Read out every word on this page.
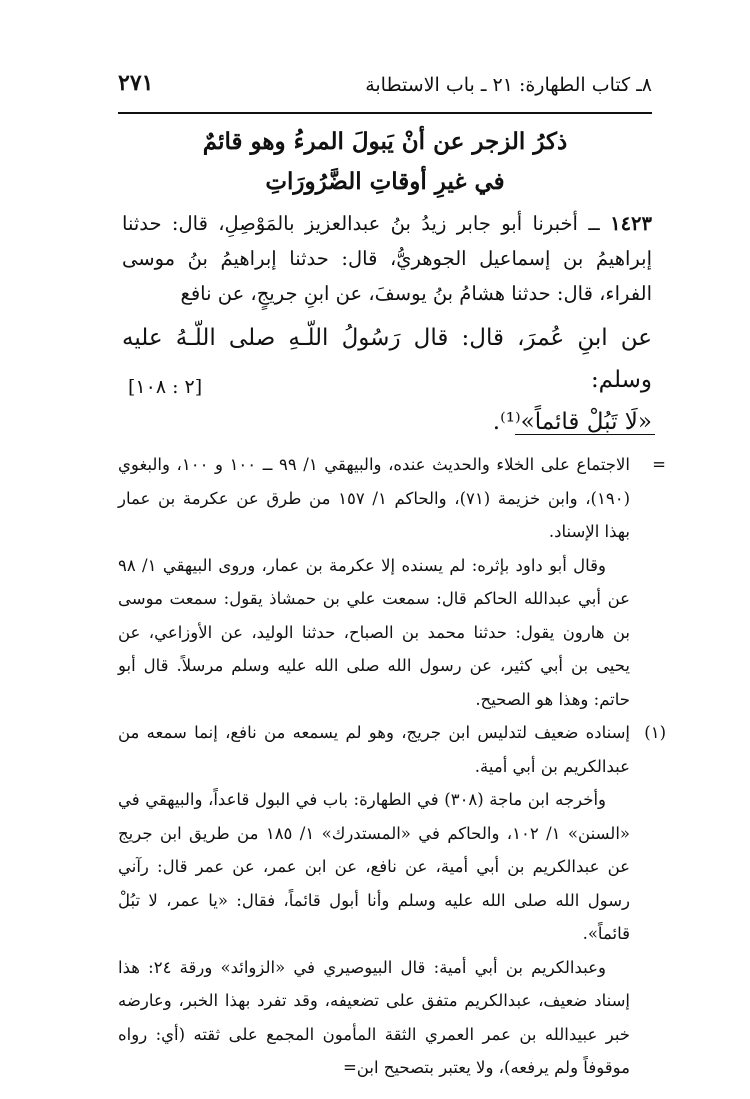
٨ـ كتاب الطهارة: ٢١ ـ باب الاستطابة
٢٧١
ذكرُ الزجر عن أنْ يَبولَ المرءُ وهو قائمٌ
في غيرِ أوقاتِ الضَّرُورَاتِ

١٤٢٣ ــ أخبرنا أبو جابر زيدُ بنُ عبدالعزيز بالمَوْصِلِ، قال: حدثنا إبراهيمُ بن إسماعيل الجوهريُّ، قال: حدثنا إبراهيمُ بنُ موسى الفراء، قال: حدثنا هشامُ بنُ يوسفَ، عن ابنِ جريجٍ، عن نافع

عن ابنِ عُمرَ، قال: قال رَسُولُ اللّـهِ صلى اللّـهُ عليه وسلم:
«لَا تَبُلْ قائماً»⁽¹⁾.

[٢ : ١٠٨]
=

الاجتماع على الخلاء والحديث عنده، والبيهقي ١/ ٩٩ ــ ١٠٠ و ١٠٠، والبغوي (١٩٠)، وابن خزيمة (٧١)، والحاكم ١/ ١٥٧ من طرق عن عكرمة بن عمار بهذا الإسناد.

وقال أبو داود بإثره: لم يسنده إلا عكرمة بن عمار، وروى البيهقي ١/ ٩٨ عن أبي عبدالله الحاكم قال: سمعت علي بن حمشاذ يقول: سمعت موسى بن هارون يقول: حدثنا محمد بن الصباح، حدثنا الوليد، عن الأوزاعي، عن يحيى بن أبي كثير، عن رسول الله صلى الله عليه وسلم مرسلاً. قال أبو حاتم: وهذا هو الصحيح.

(١)

إسناده ضعيف لتدليس ابن جريج، وهو لم يسمعه من نافع، إنما سمعه من عبدالكريم بن أبي أمية.

وأخرجه ابن ماجة (٣٠٨) في الطهارة: باب في البول قاعداً، والبيهقي في «السنن» ١/ ١٠٢، والحاكم في «المستدرك» ١/ ١٨٥ من طريق ابن جريج عن عبدالكريم بن أبي أمية، عن نافع، عن ابن عمر، عن عمر قال: رآني رسول الله صلى الله عليه وسلم وأنا أبول قائماً، فقال: «يا عمر، لا تبُلْ قائماً».

وعبدالكريم بن أبي أمية: قال البيوصيري في «الزوائد» ورقة ٢٤: هذا إسناد ضعيف، عبدالكريم متفق على تضعيفه، وقد تفرد بهذا الخبر، وعارضه خبر عبيدالله بن عمر العمري الثقة المأمون المجمع على ثقته (أي: رواه موقوفاً ولم يرفعه)، ولا يعتبر بتصحيح ابن=
